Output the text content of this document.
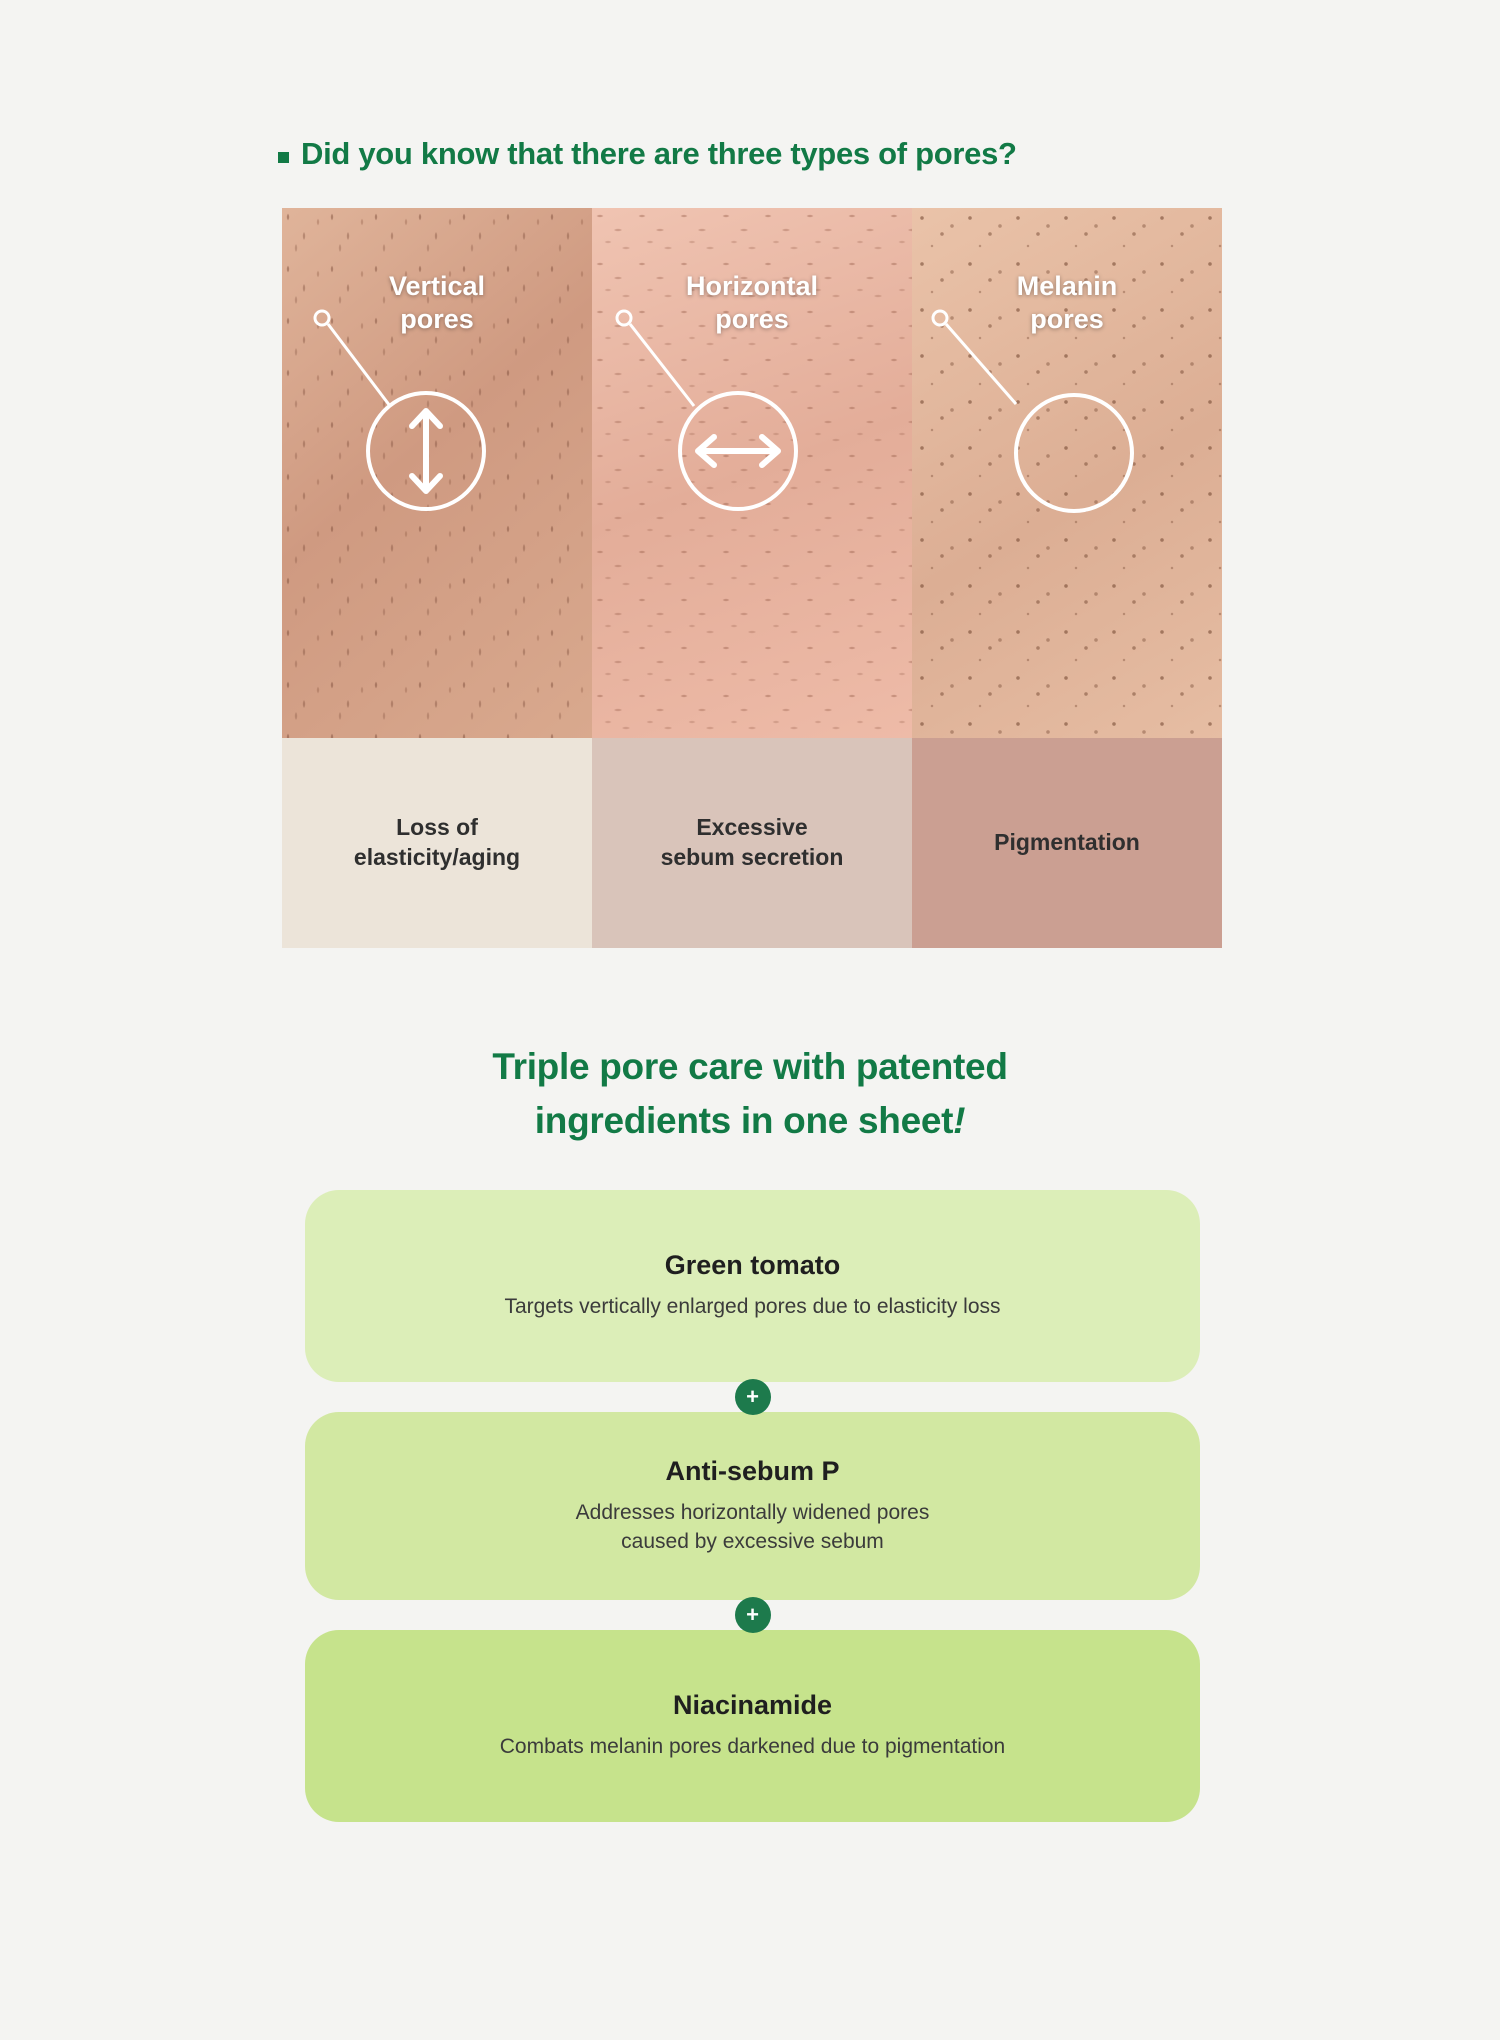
Did you know that there are three types of pores?
Vertical
pores
Loss of
elasticity/aging
Horizontal
pores
Excessive
sebum secretion
Melanin
pores
Pigmentation
Triple pore care with patented
ingredients in one sheet!
Green tomato
Targets vertically enlarged pores due to elasticity loss
+
Anti-sebum P
Addresses horizontally widened pores
caused by excessive sebum
+
Niacinamide
Combats melanin pores darkened due to pigmentation
